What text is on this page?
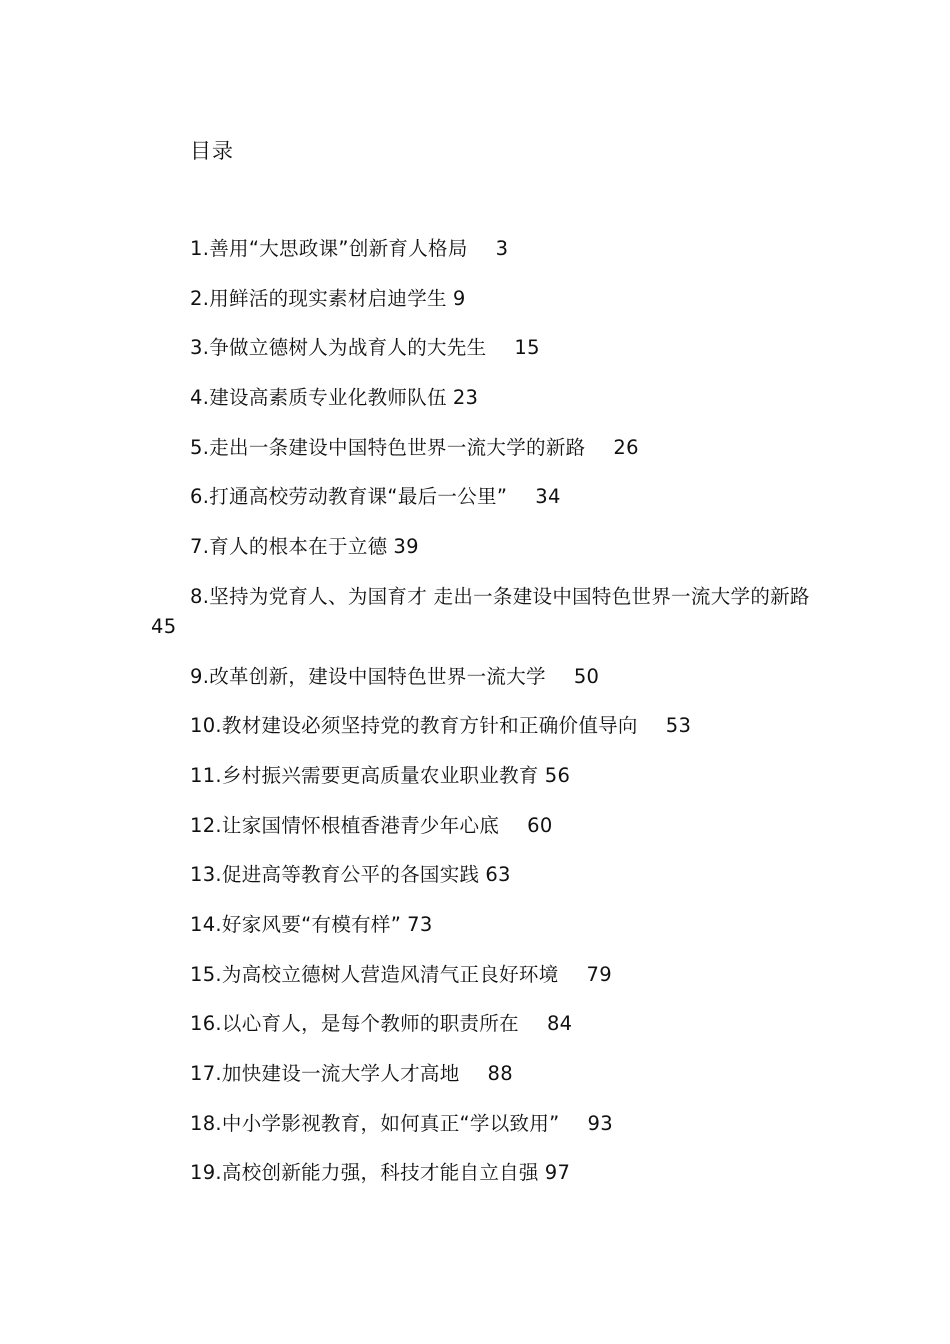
目录
1.善用“大思政课”创新育人格局 3
2.用鲜活的现实素材启迪学生 9
3.争做立德树人为战育人的大先生 15
4.建设高素质专业化教师队伍 23
5.走出一条建设中国特色世界一流大学的新路 26
6.打通高校劳动教育课“最后一公里” 34
7.育人的根本在于立德 39
8.坚持为党育人、为国育才 走出一条建设中国特色世界一流大学的新路45
9.改革创新，建设中国特色世界一流大学 50
10.教材建设必须坚持党的教育方针和正确价值导向 53
11.乡村振兴需要更高质量农业职业教育 56
12.让家国情怀根植香港青少年心底 60
13.促进高等教育公平的各国实践 63
14.好家风要“有模有样” 73
15.为高校立德树人营造风清气正良好环境 79
16.以心育人，是每个教师的职责所在 84
17.加快建设一流大学人才高地 88
18.中小学影视教育，如何真正“学以致用” 93
19.高校创新能力强，科技才能自立自强 97
